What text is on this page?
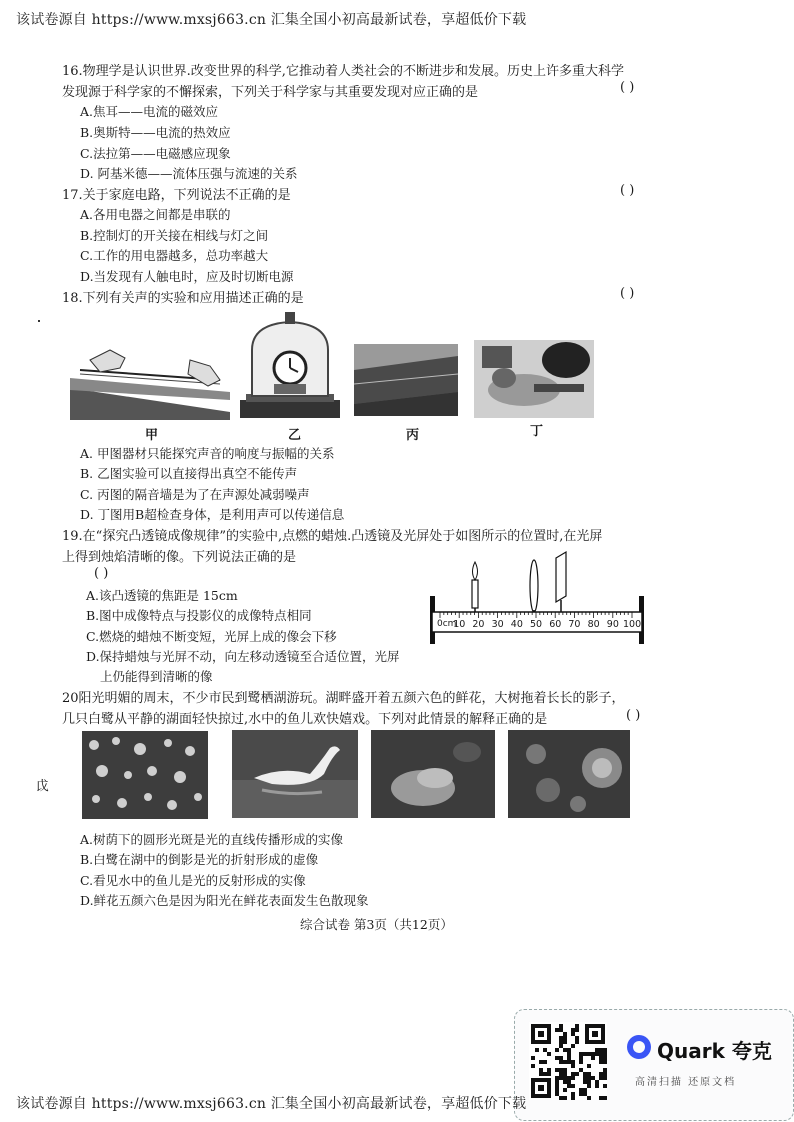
该试卷源自 https://www.mxsj663.cn 汇集全国小初高最新试卷，享超低价下载
16.物理学是认识世界.改变世界的科学,它推动着人类社会的不断进步和发展。历史上许多重大科学
发现源于科学家的不懈探索，下列关于科学家与其重要发现对应正确的是	( )
A.焦耳——电流的磁效应
B.奥斯特——电流的热效应
C.法拉第——电磁感应现象
D. 阿基米德——流体压强与流速的关系
17.关于家庭电路，下列说法不正确的是	( )
A.各用电器之间都是串联的
B.控制灯的开关接在相线与灯之间
C.工作的用电器越多，总功率越大
D.当发现有人触电时，应及时切断电源
18.下列有关声的实验和应用描述正确的是	( )
甲	乙	丙	丁
A. 甲图器材只能探究声音的响度与振幅的关系
B. 乙图实验可以直接得出真空不能传声
C. 丙图的隔音墙是为了在声源处减弱噪声
D. 丁图用B超检查身体，是利用声可以传递信息
19.在“探究凸透镜成像规律”的实验中,点燃的蜡烛.凸透镜及光屏处于如图所示的位置时,在光屏
上得到烛焰清晰的像。下列说法正确的是
( )
A.该凸透镜的焦距是 15cm
B.图中成像特点与投影仪的成像特点相同
C.燃烧的蜡烛不断变短，光屏上成的像会下移
D.保持蜡烛与光屏不动，向左移动透镜至合适位置，光屏
上仍能得到清晰的像
0cm
10 20 30 40 50 60 70 80 90 100
20阳光明媚的周末，不少市民到鹭栖湖游玩。湖畔盛开着五颜六色的鲜花，大树拖着长长的影子，
几只白鹭从平静的湖面轻快掠过,水中的鱼儿欢快嬉戏。下列对此情景的解释正确的是	( )
戉
A.树荫下的圆形光斑是光的直线传播形成的实像
B.白鹭在湖中的倒影是光的折射形成的虚像
C.看见水中的鱼儿是光的反射形成的实像
D.鲜花五颜六色是因为阳光在鲜花表面发生色散现象
综合试卷 第3页（共12页）
Quark 夸克
高清扫描 还原文档
该试卷源自 https://www.mxsj663.cn 汇集全国小初高最新试卷，享超低价下载
